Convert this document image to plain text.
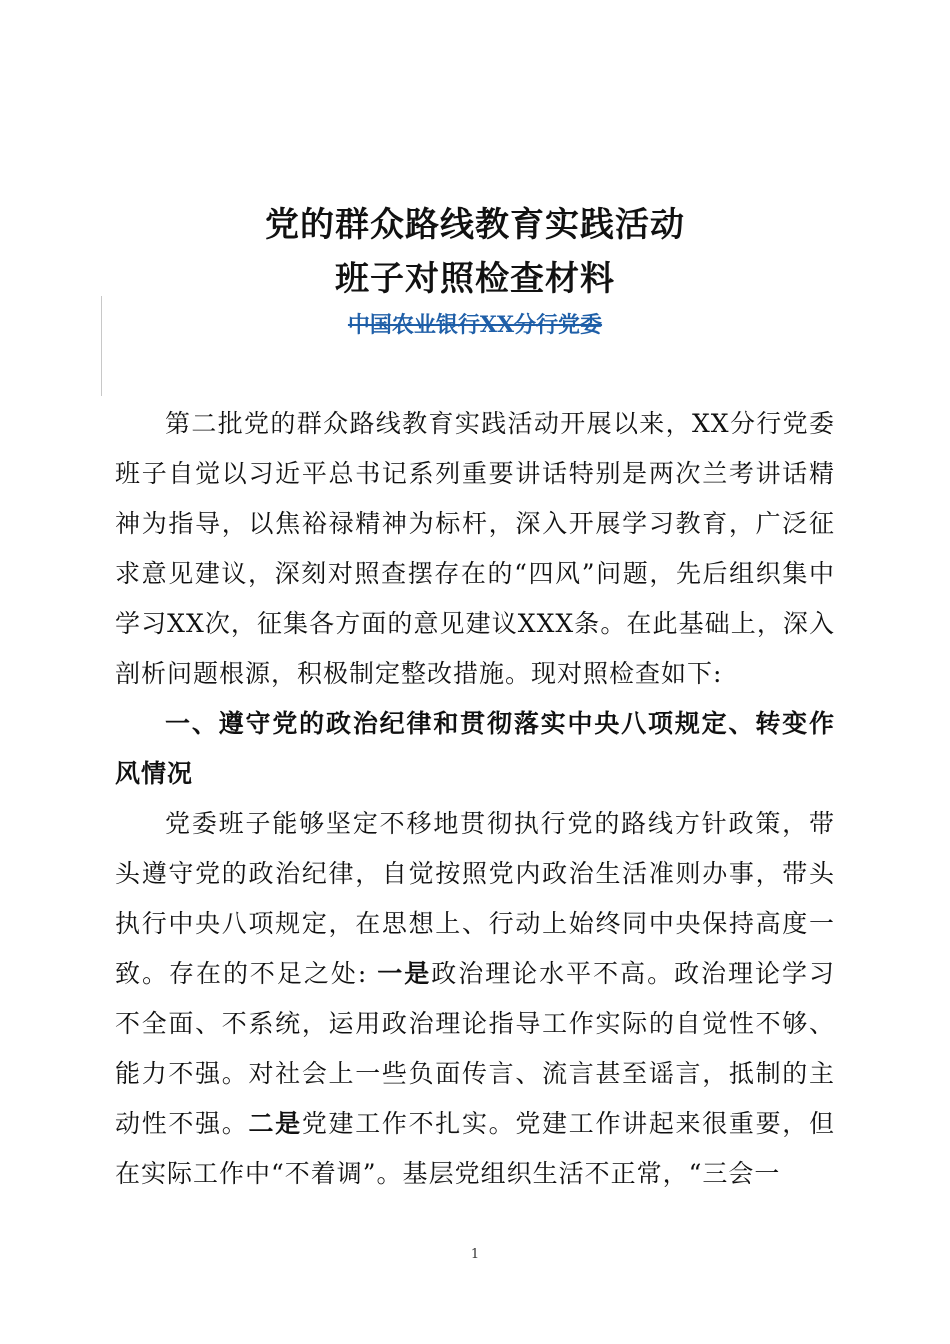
党的群众路线教育实践活动
班子对照检查材料
中国农业银行XX分行党委

第二批党的群众路线教育实践活动开展以来，XX分行党委班子自觉以习近平总书记系列重要讲话特别是两次兰考讲话精神为指导，以焦裕禄精神为标杆，深入开展学习教育，广泛征求意见建议，深刻对照查摆存在的“四风”问题，先后组织集中学习XX次，征集各方面的意见建议XXX条。在此基础上，深入剖析问题根源，积极制定整改措施。现对照检查如下:

一、遵守党的政治纪律和贯彻落实中央八项规定、转变作风情况

党委班子能够坚定不移地贯彻执行党的路线方针政策，带头遵守党的政治纪律，自觉按照党内政治生活准则办事，带头执行中央八项规定，在思想上、行动上始终同中央保持高度一致。存在的不足之处: 一是政治理论水平不高。政治理论学习不全面、不系统，运用政治理论指导工作实际的自觉性不够、能力不强。对社会上一些负面传言、流言甚至谣言，抵制的主动性不强。二是党建工作不扎实。党建工作讲起来很重要，但在实际工作中“不着调”。基层党组织生活不正常，“三会一

1
